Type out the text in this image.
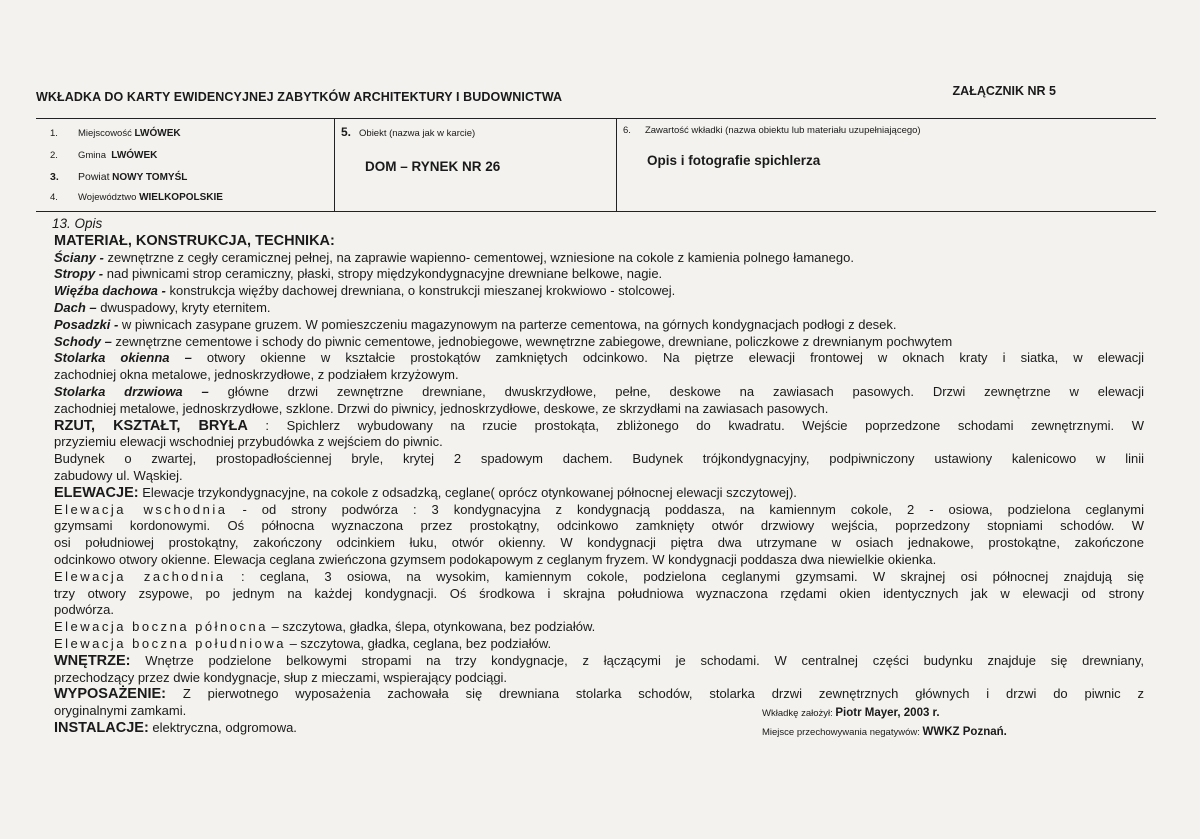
WKŁADKA DO KARTY EWIDENCYJNEJ ZABYTKÓW ARCHITEKTURY I BUDOWNICTWA	ZAŁĄCZNIK NR 5
1. Miejscowość LWÓWEK
2. Gmina LWÓWEK
3. Powiat NOWY TOMYŚL
4. Województwo WIELKOPOLSKIE
5. Obiekt (nazwa jak w karcie)
DOM – RYNEK NR 26
6. Zawartość wkładki (nazwa obiektu lub materiału uzupełniającego)
Opis i fotografie spichlerza

13. Opis

MATERIAŁ, KONSTRUKCJA, TECHNIKA:

Ściany - zewnętrzne z cegły ceramicznej pełnej, na zaprawie wapienno- cementowej, wzniesione na cokole z kamienia polnego łamanego.

Stropy - nad piwnicami strop ceramiczny, płaski, stropy międzykondygnacyjne drewniane belkowe, nagie.

Więźba dachowa - konstrukcja więźby dachowej drewniana, o konstrukcji mieszanej krokwiowo - stolcowej.

Dach – dwuspadowy, kryty eternitem.

Posadzki - w piwnicach zasypane gruzem. W pomieszczeniu magazynowym na parterze cementowa, na górnych kondygnacjach podłogi z desek.

Schody – zewnętrzne cementowe i schody do piwnic cementowe, jednobiegowe, wewnętrzne zabiegowe, drewniane, policzkowe z drewnianym pochwytem

Stolarka okienna – otwory okienne w kształcie prostokątów zamkniętych odcinkowo. Na piętrze elewacji frontowej w oknach kraty i siatka, w elewacji

zachodniej okna metalowe, jednoskrzydłowe, z podziałem krzyżowym.

Stolarka drzwiowa – główne drzwi zewnętrzne drewniane, dwuskrzydłowe, pełne, deskowe na zawiasach pasowych. Drzwi zewnętrzne w elewacji

zachodniej metalowe, jednoskrzydłowe, szklone. Drzwi do piwnicy, jednoskrzydłowe, deskowe, ze skrzydłami na zawiasach pasowych.

RZUT, KSZTAŁT, BRYŁA : Spichlerz wybudowany na rzucie prostokąta, zbliżonego do kwadratu. Wejście poprzedzone schodami zewnętrznymi. W

przyziemiu elewacji wschodniej przybudówka z wejściem do piwnic.

Budynek o zwartej, prostopadłościennej bryle, krytej 2 spadowym dachem. Budynek trójkondygnacyjny, podpiwniczony ustawiony kalenicowo w linii

zabudowy ul. Wąskiej.

ELEWACJE: Elewacje trzykondygnacyjne, na cokole z odsadzką, ceglane( oprócz otynkowanej północnej elewacji szczytowej).

Elewacja wschodnia - od strony podwórza : 3 kondygnacyjna z kondygnacją poddasza, na kamiennym cokole, 2 - osiowa, podzielona ceglanymi

gzymsami kordonowymi. Oś północna wyznaczona przez prostokątny, odcinkowo zamknięty otwór drzwiowy wejścia, poprzedzony stopniami schodów. W

osi południowej prostokątny, zakończony odcinkiem łuku, otwór okienny. W kondygnacji piętra dwa utrzymane w osiach jednakowe, prostokątne, zakończone

odcinkowo otwory okienne. Elewacja ceglana zwieńczona gzymsem podokapowym z ceglanym fryzem. W kondygnacji poddasza dwa niewielkie okienka.

Elewacja zachodnia : ceglana, 3 osiowa, na wysokim, kamiennym cokole, podzielona ceglanymi gzymsami. W skrajnej osi północnej znajdują się

trzy otwory zsypowe, po jednym na każdej kondygnacji. Oś środkowa i skrajna południowa wyznaczona rzędami okien identycznych jak w elewacji od strony

podwórza.

Elewacja boczna północna – szczytowa, gładka, ślepa, otynkowana, bez podziałów.

Elewacja boczna południowa – szczytowa, gładka, ceglana, bez podziałów.

WNĘTRZE: Wnętrze podzielone belkowymi stropami na trzy kondygnacje, z łączącymi je schodami. W centralnej części budynku znajduje się drewniany,

przechodzący przez dwie kondygnacje, słup z mieczami, wspierający podciągi.

WYPOSAŻENIE: Z pierwotnego wyposażenia zachowała się drewniana stolarka schodów, stolarka drzwi zewnętrznych głównych i drzwi do piwnic z

oryginalnymi zamkami.	Wkładkę założył: Piotr Mayer, 2003 r.

INSTALACJE: elektryczna, odgromowa.	Miejsce przechowywania negatywów: WWKZ Poznań.
